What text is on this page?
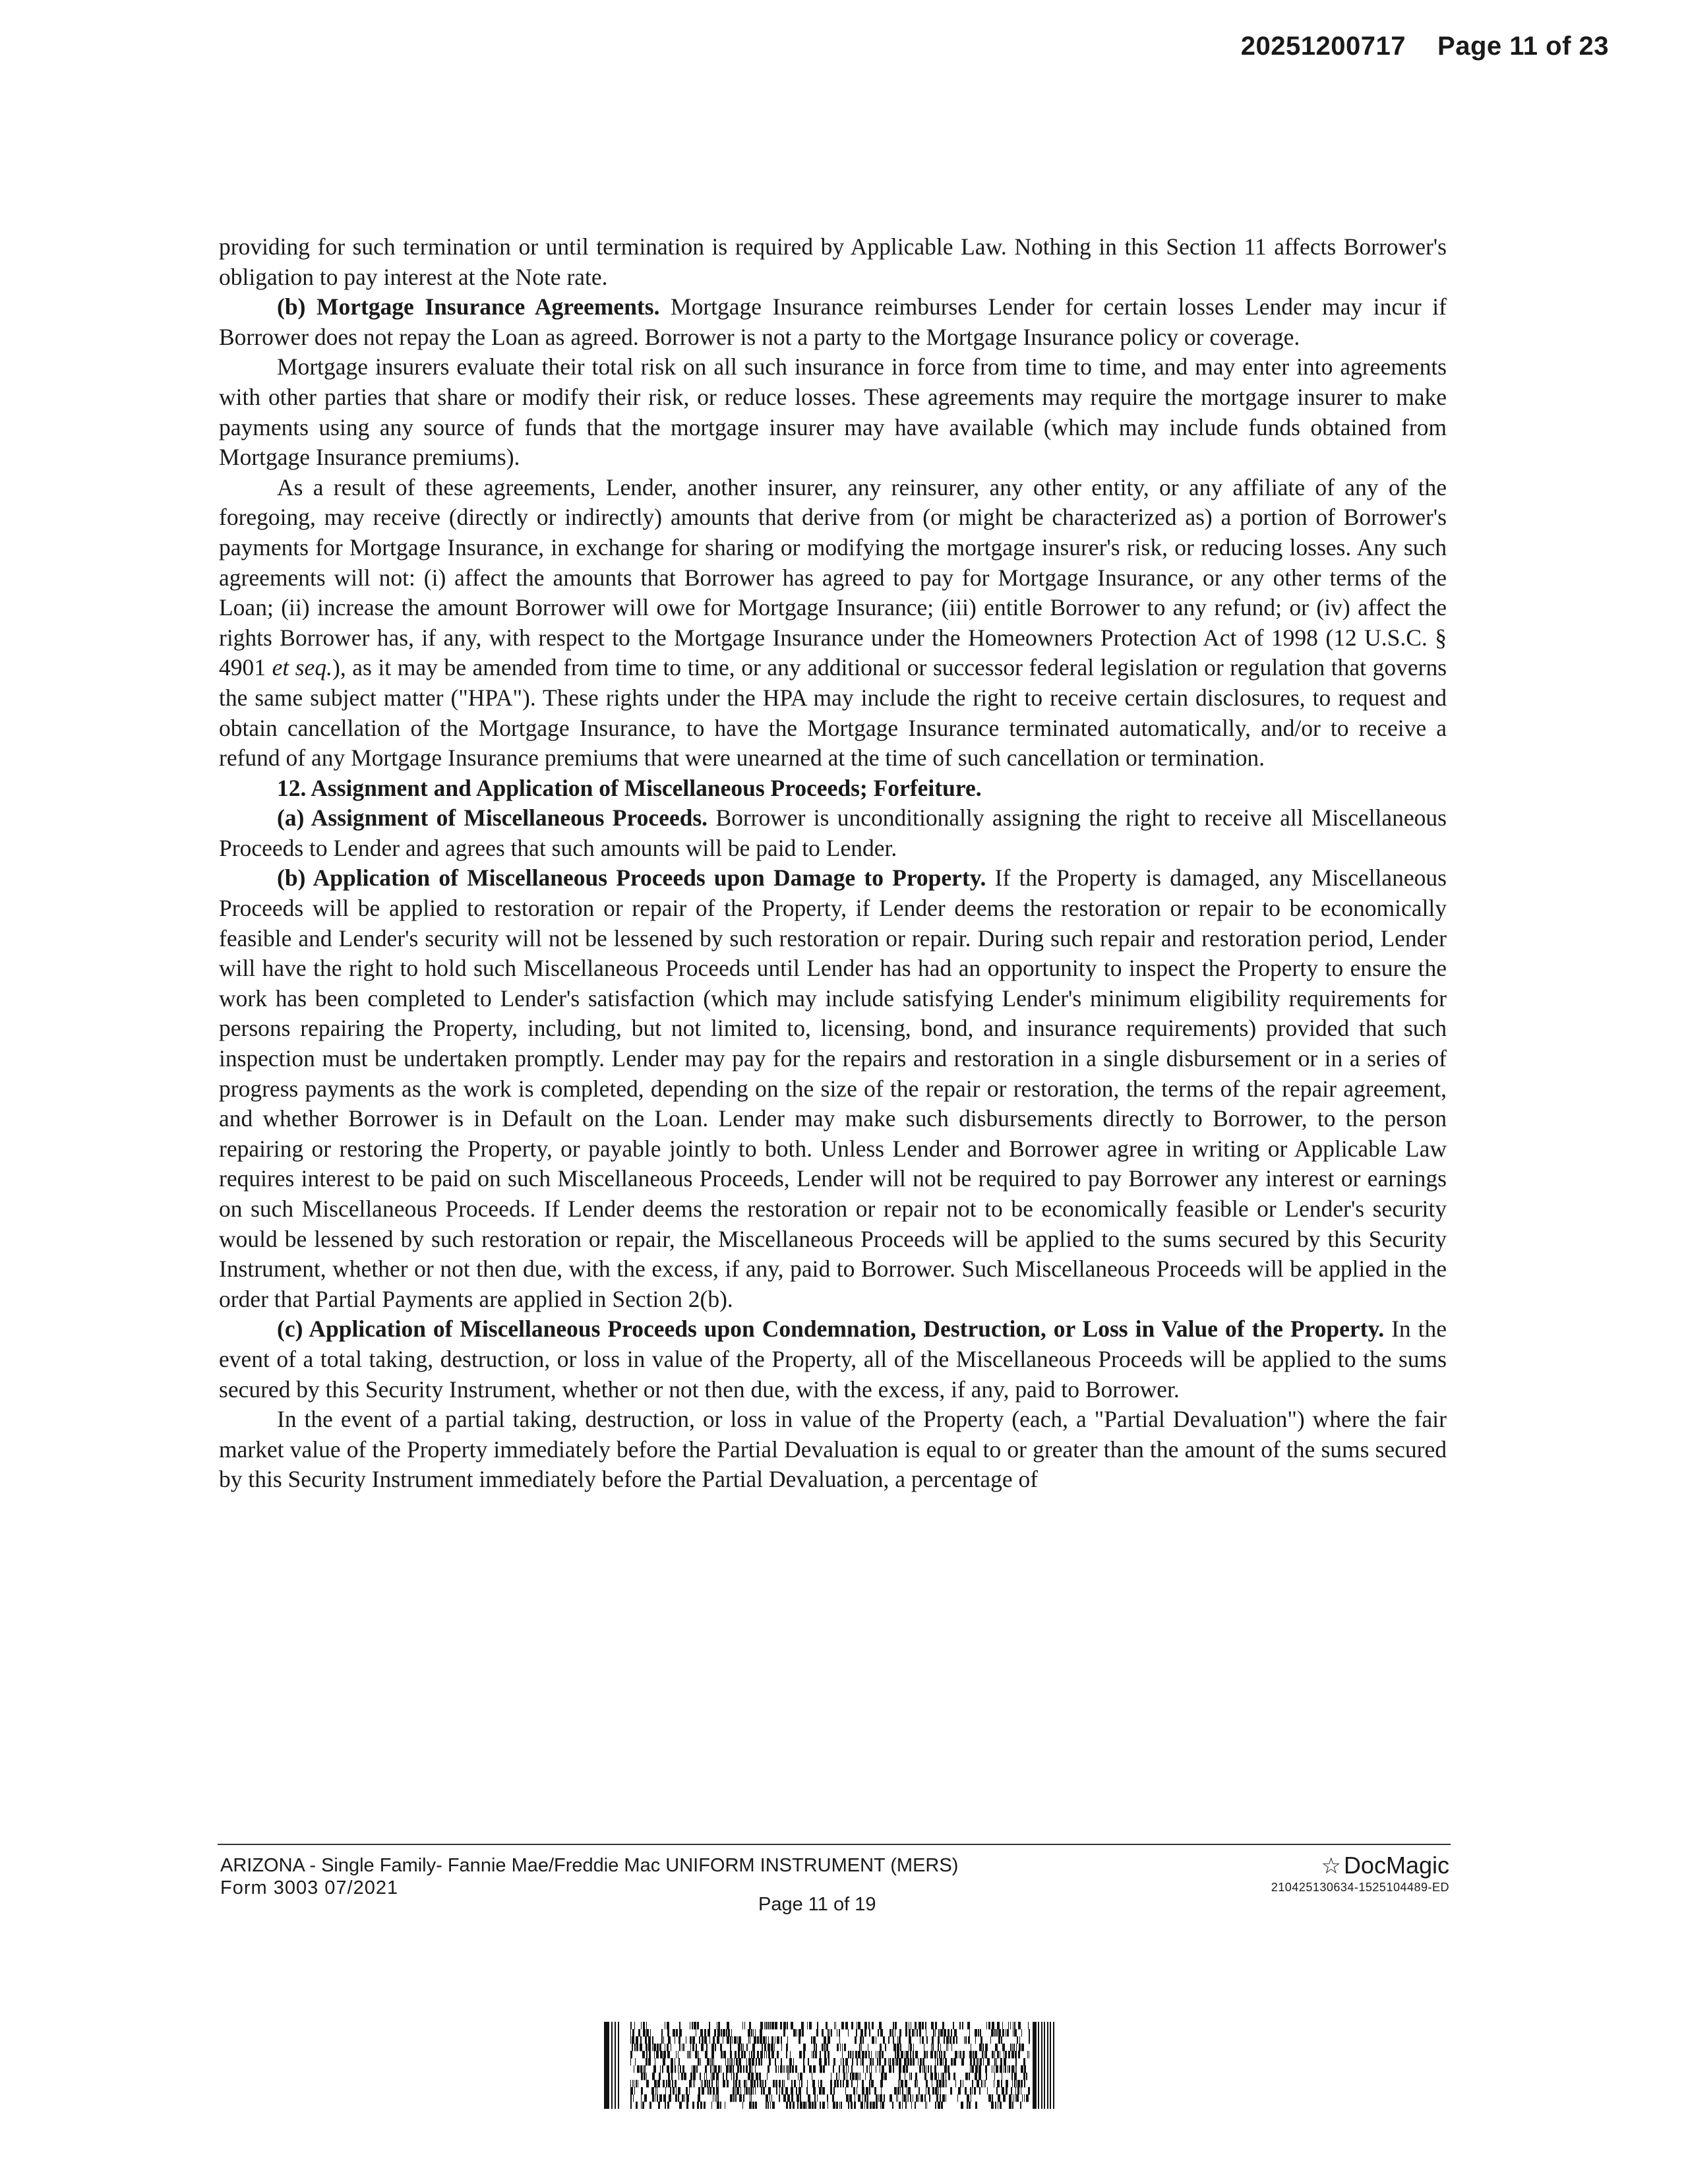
20251200717 Page 11 of 23

providing for such termination or until termination is required by Applicable Law. Nothing in this Section 11 affects Borrower's obligation to pay interest at the Note rate.

(b) Mortgage Insurance Agreements. Mortgage Insurance reimburses Lender for certain losses Lender may incur if Borrower does not repay the Loan as agreed. Borrower is not a party to the Mortgage Insurance policy or coverage.

Mortgage insurers evaluate their total risk on all such insurance in force from time to time, and may enter into agreements with other parties that share or modify their risk, or reduce losses. These agreements may require the mortgage insurer to make payments using any source of funds that the mortgage insurer may have available (which may include funds obtained from Mortgage Insurance premiums).

As a result of these agreements, Lender, another insurer, any reinsurer, any other entity, or any affiliate of any of the foregoing, may receive (directly or indirectly) amounts that derive from (or might be characterized as) a portion of Borrower's payments for Mortgage Insurance, in exchange for sharing or modifying the mortgage insurer's risk, or reducing losses. Any such agreements will not: (i) affect the amounts that Borrower has agreed to pay for Mortgage Insurance, or any other terms of the Loan; (ii) increase the amount Borrower will owe for Mortgage Insurance; (iii) entitle Borrower to any refund; or (iv) affect the rights Borrower has, if any, with respect to the Mortgage Insurance under the Homeowners Protection Act of 1998 (12 U.S.C. § 4901 et seq.), as it may be amended from time to time, or any additional or successor federal legislation or regulation that governs the same subject matter ("HPA"). These rights under the HPA may include the right to receive certain disclosures, to request and obtain cancellation of the Mortgage Insurance, to have the Mortgage Insurance terminated automatically, and/or to receive a refund of any Mortgage Insurance premiums that were unearned at the time of such cancellation or termination.

12. Assignment and Application of Miscellaneous Proceeds; Forfeiture.

(a) Assignment of Miscellaneous Proceeds. Borrower is unconditionally assigning the right to receive all Miscellaneous Proceeds to Lender and agrees that such amounts will be paid to Lender.

(b) Application of Miscellaneous Proceeds upon Damage to Property. If the Property is damaged, any Miscellaneous Proceeds will be applied to restoration or repair of the Property, if Lender deems the restoration or repair to be economically feasible and Lender's security will not be lessened by such restoration or repair. During such repair and restoration period, Lender will have the right to hold such Miscellaneous Proceeds until Lender has had an opportunity to inspect the Property to ensure the work has been completed to Lender's satisfaction (which may include satisfying Lender's minimum eligibility requirements for persons repairing the Property, including, but not limited to, licensing, bond, and insurance requirements) provided that such inspection must be undertaken promptly. Lender may pay for the repairs and restoration in a single disbursement or in a series of progress payments as the work is completed, depending on the size of the repair or restoration, the terms of the repair agreement, and whether Borrower is in Default on the Loan. Lender may make such disbursements directly to Borrower, to the person repairing or restoring the Property, or payable jointly to both. Unless Lender and Borrower agree in writing or Applicable Law requires interest to be paid on such Miscellaneous Proceeds, Lender will not be required to pay Borrower any interest or earnings on such Miscellaneous Proceeds. If Lender deems the restoration or repair not to be economically feasible or Lender's security would be lessened by such restoration or repair, the Miscellaneous Proceeds will be applied to the sums secured by this Security Instrument, whether or not then due, with the excess, if any, paid to Borrower. Such Miscellaneous Proceeds will be applied in the order that Partial Payments are applied in Section 2(b).

(c) Application of Miscellaneous Proceeds upon Condemnation, Destruction, or Loss in Value of the Property. In the event of a total taking, destruction, or loss in value of the Property, all of the Miscellaneous Proceeds will be applied to the sums secured by this Security Instrument, whether or not then due, with the excess, if any, paid to Borrower.

In the event of a partial taking, destruction, or loss in value of the Property (each, a "Partial Devaluation") where the fair market value of the Property immediately before the Partial Devaluation is equal to or greater than the amount of the sums secured by this Security Instrument immediately before the Partial Devaluation, a percentage of

ARIZONA - Single Family- Fannie Mae/Freddie Mac UNIFORM INSTRUMENT (MERS)
Form 3003 07/2021
Page 11 of 19
☆ DocMagic
210425130634-1525104489-ED
